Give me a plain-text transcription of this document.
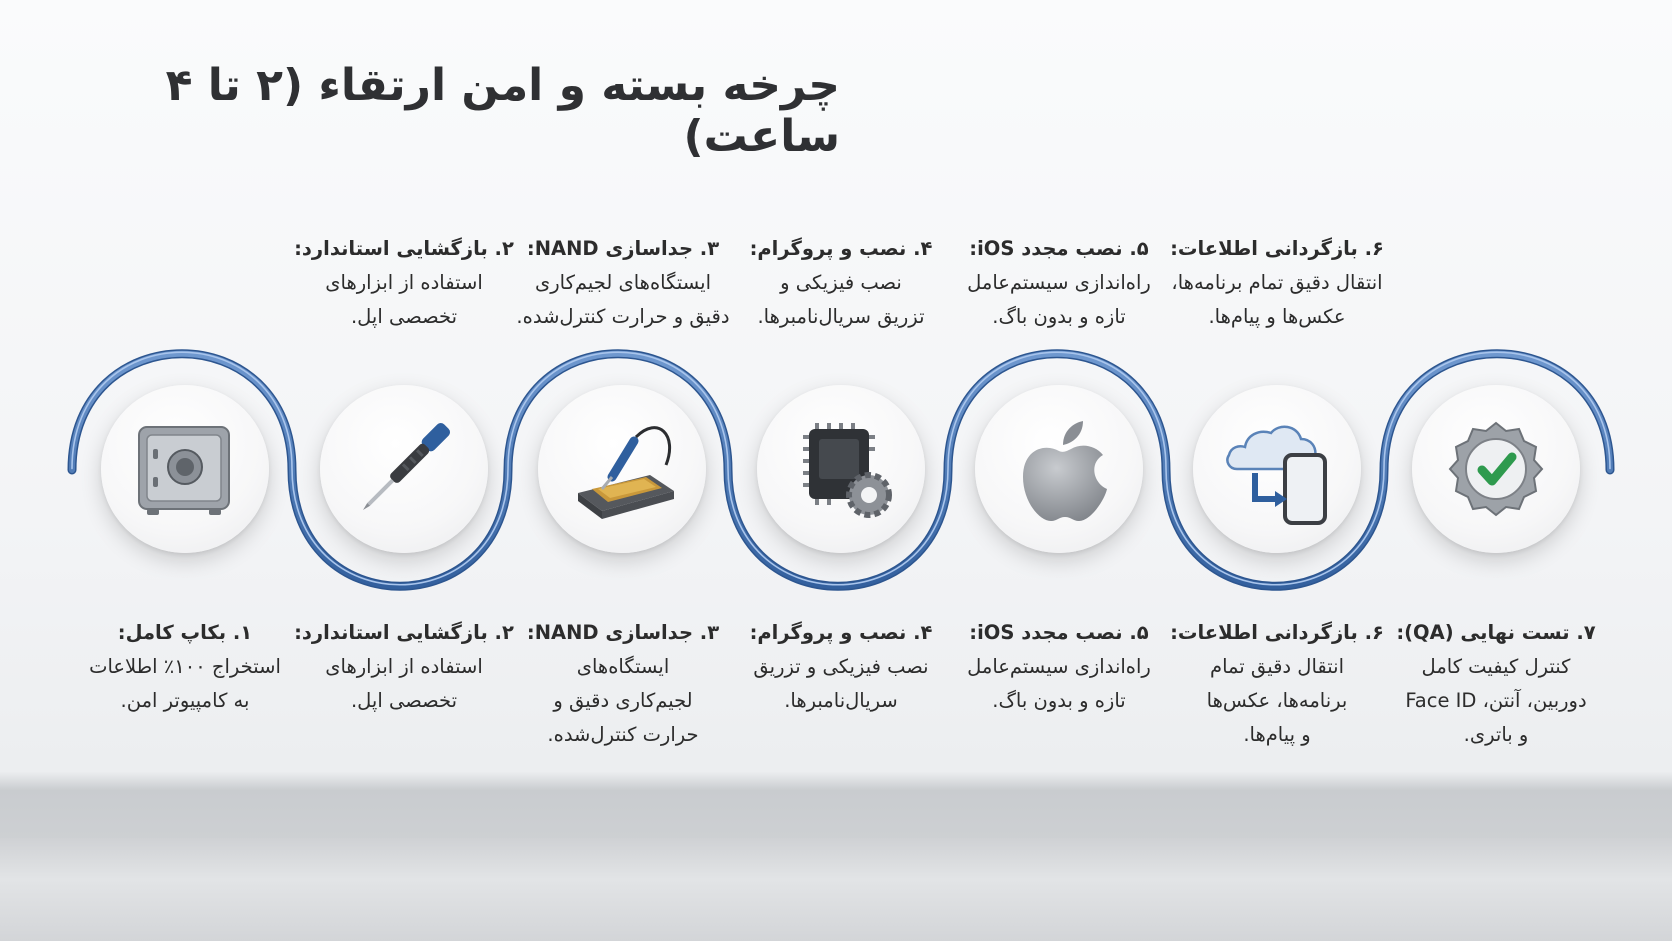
چرخه بسته و امن ارتقاء (۲ تا ۴ ساعت)
۲. بازگشایی استاندارد:
استفاده از ابزارهای
تخصصی اپل.
۳. جداسازی NAND:
ایستگاه‌های لجیم‌کاری
دقیق و حرارت کنترل‌شده.
۴. نصب و پروگرام:
نصب فیزیکی و
تزریق سریال‌نامبرها.
۵. نصب مجدد iOS:
راه‌اندازی سیستم‌عامل
تازه و بدون باگ.
۶. بازگردانی اطلاعات:
انتقال دقیق تمام برنامه‌ها،
عکس‌ها و پیام‌ها.
۱. بکاپ کامل:
استخراج ۱۰۰٪ اطلاعات
به کامپیوتر امن.
۲. بازگشایی استاندارد:
استفاده از ابزارهای
تخصصی اپل.
۳. جداسازی NAND:
ایستگاه‌های
لجیم‌کاری دقیق و
حرارت کنترل‌شده.
۴. نصب و پروگرام:
نصب فیزیکی و تزریق
سریال‌نامبرها.
۵. نصب مجدد iOS:
راه‌اندازی سیستم‌عامل
تازه و بدون باگ.
۶. بازگردانی اطلاعات:
انتقال دقیق تمام
برنامه‌ها، عکس‌ها
و پیام‌ها.
۷. تست نهایی (QA):
کنترل کیفیت کامل
دوربین، آنتن، Face ID
و باتری.
